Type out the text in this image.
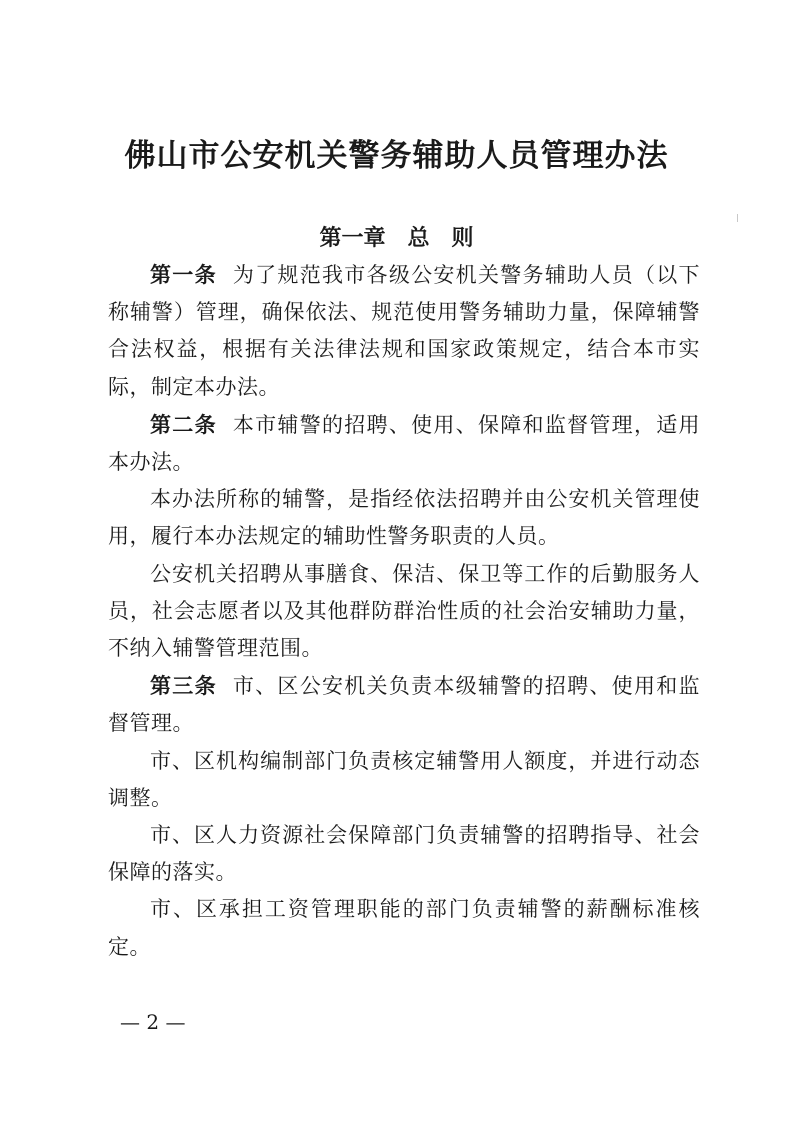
佛山市公安机关警务辅助人员管理办法
第一章 总　则

第一条 为了规范我市各级公安机关警务辅助人员（以下称辅警）管理，确保依法、规范使用警务辅助力量，保障辅警合法权益，根据有关法律法规和国家政策规定，结合本市实际，制定本办法。

第二条 本市辅警的招聘、使用、保障和监督管理，适用本办法。

本办法所称的辅警，是指经依法招聘并由公安机关管理使用，履行本办法规定的辅助性警务职责的人员。

公安机关招聘从事膳食、保洁、保卫等工作的后勤服务人员，社会志愿者以及其他群防群治性质的社会治安辅助力量，不纳入辅警管理范围。

第三条 市、区公安机关负责本级辅警的招聘、使用和监督管理。

市、区机构编制部门负责核定辅警用人额度，并进行动态调整。

市、区人力资源社会保障部门负责辅警的招聘指导、社会保障的落实。

市、区承担工资管理职能的部门负责辅警的薪酬标准核定。

— 2 —
